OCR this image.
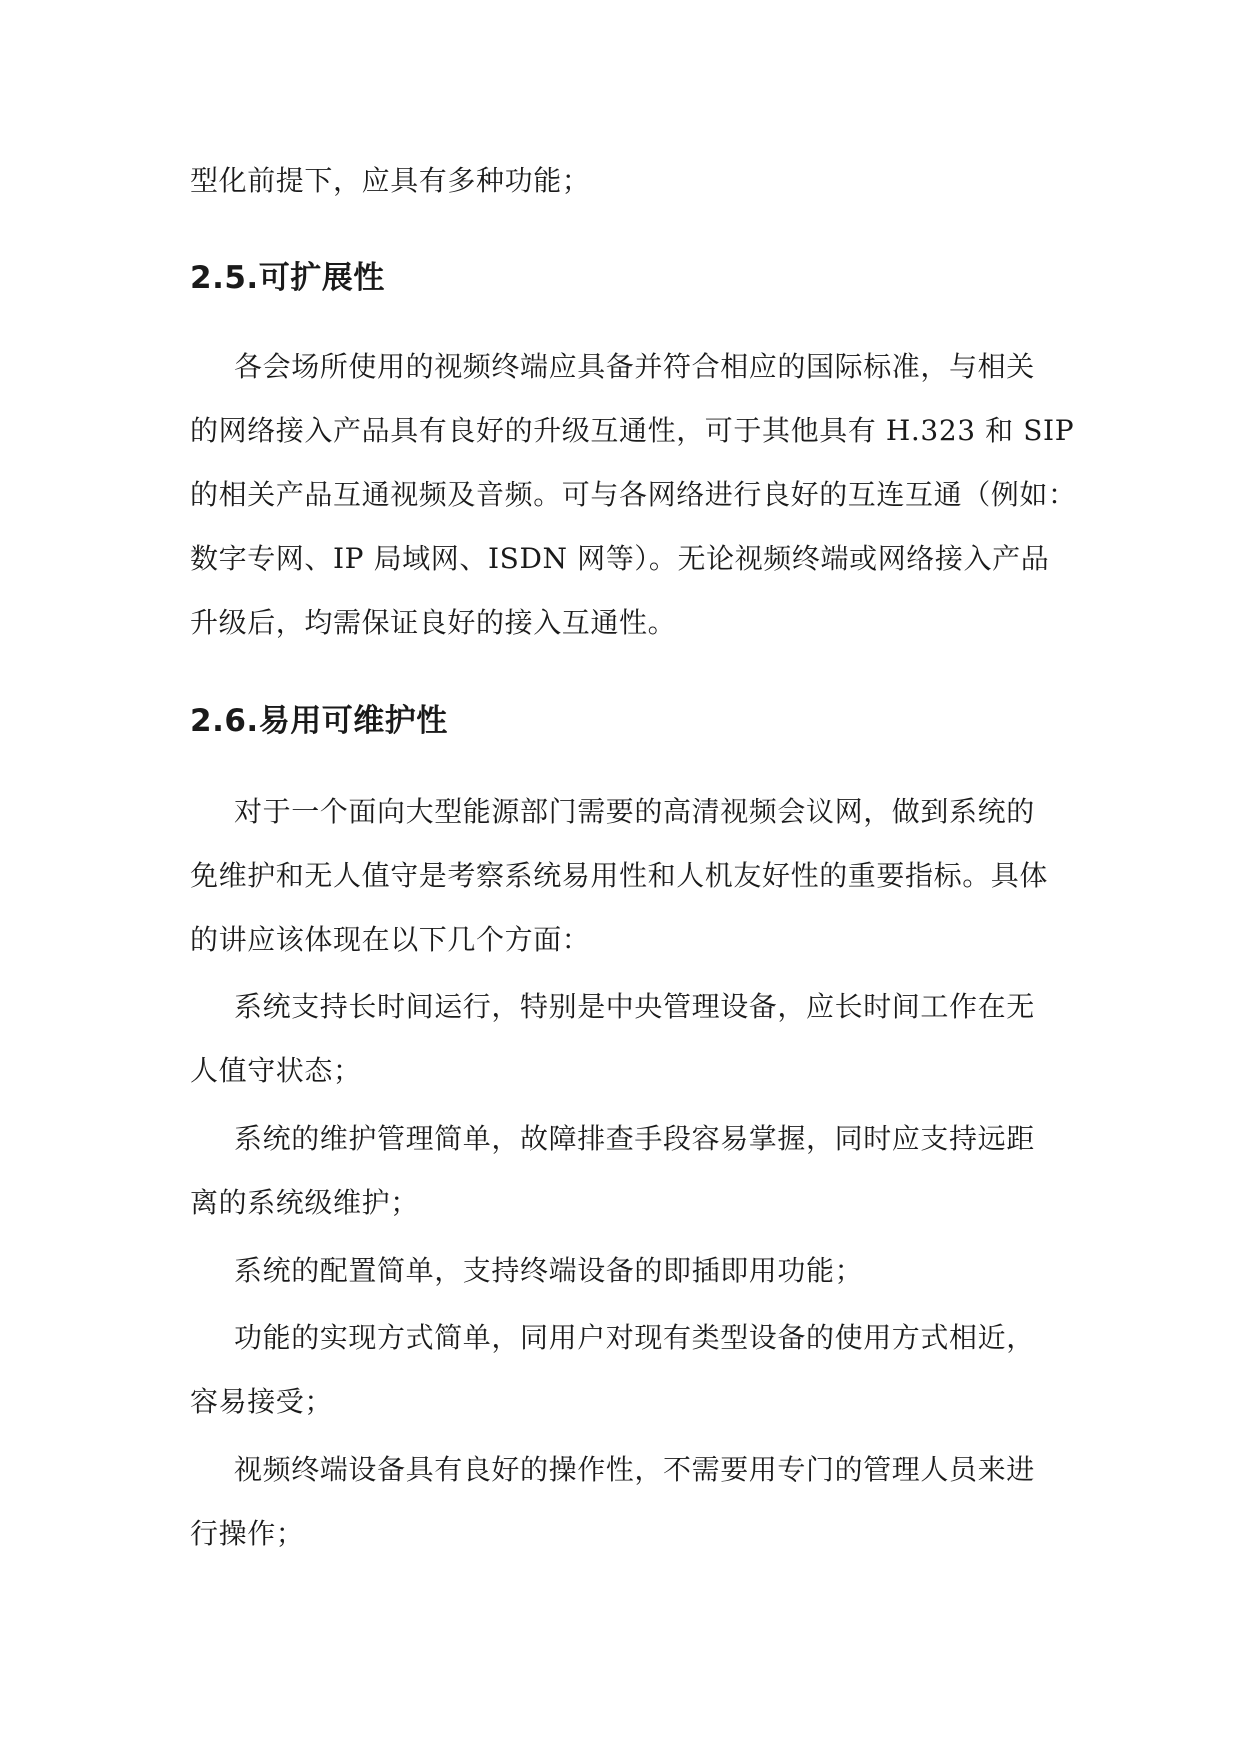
型化前提下，应具有多种功能；
2.5.可扩展性
各会场所使用的视频终端应具备并符合相应的国际标准，与相关
的网络接入产品具有良好的升级互通性，可于其他具有 H.323 和 SIP
的相关产品互通视频及音频。可与各网络进行良好的互连互通（例如：
数字专网、IP 局域网、ISDN 网等）。无论视频终端或网络接入产品
升级后，均需保证良好的接入互通性。
2.6.易用可维护性
对于一个面向大型能源部门需要的高清视频会议网，做到系统的
免维护和无人值守是考察系统易用性和人机友好性的重要指标。具体
的讲应该体现在以下几个方面：
系统支持长时间运行，特别是中央管理设备，应长时间工作在无
人值守状态；
系统的维护管理简单，故障排查手段容易掌握，同时应支持远距
离的系统级维护；
系统的配置简单，支持终端设备的即插即用功能；
功能的实现方式简单，同用户对现有类型设备的使用方式相近，
容易接受；
视频终端设备具有良好的操作性，不需要用专门的管理人员来进
行操作；
